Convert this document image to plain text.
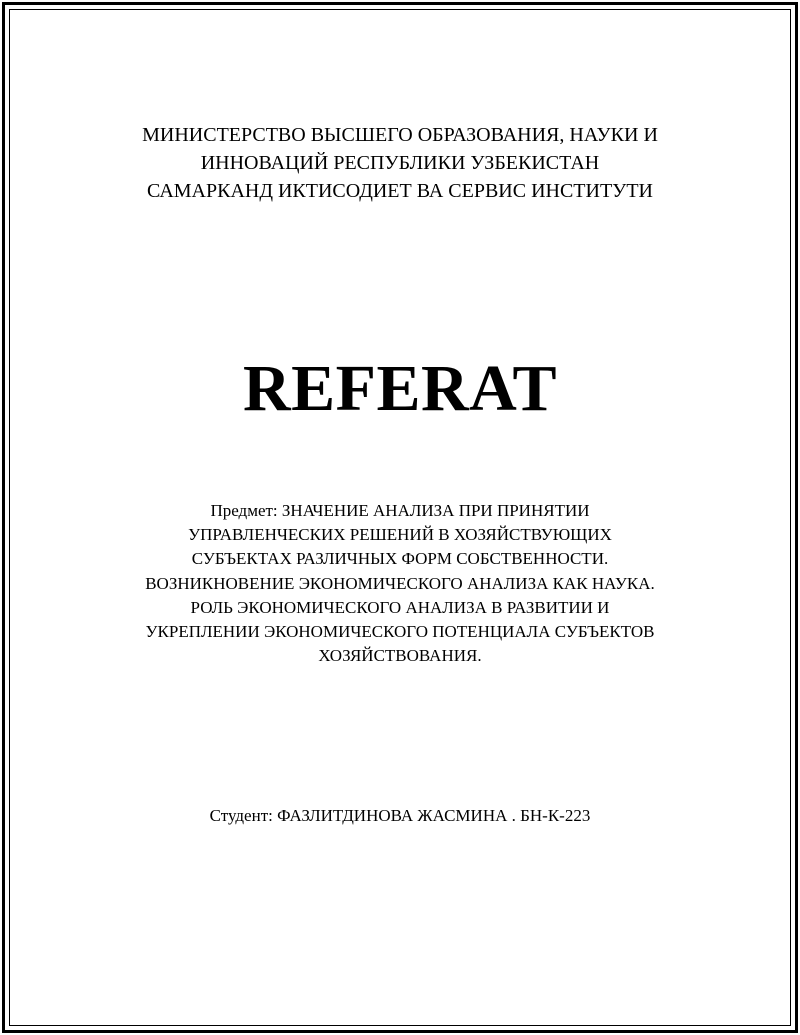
МИНИСТЕРСТВО ВЫСШЕГО ОБРАЗОВАНИЯ, НАУКИ И
ИННОВАЦИЙ РЕСПУБЛИКИ УЗБЕКИСТАН
САМАРКАНД ИКТИСОДИЕТ ВА СЕРВИС ИНСТИТУТИ
REFERAT
Предмет: ЗНАЧЕНИЕ АНАЛИЗА ПРИ ПРИНЯТИИ
УПРАВЛЕНЧЕСКИХ РЕШЕНИЙ В ХОЗЯЙСТВУЮЩИХ
СУБЪЕКТАХ РАЗЛИЧНЫХ ФОРМ СОБСТВЕННОСТИ.
ВОЗНИКНОВЕНИЕ ЭКОНОМИЧЕСКОГО АНАЛИЗА КАК НАУКА.
РОЛЬ ЭКОНОМИЧЕСКОГО АНАЛИЗА В РАЗВИТИИ И
УКРЕПЛЕНИИ ЭКОНОМИЧЕСКОГО ПОТЕНЦИАЛА СУБЪЕКТОВ
ХОЗЯЙСТВОВАНИЯ.
Студент: ФАЗЛИТДИНОВА ЖАСМИНА . БН-К-223
